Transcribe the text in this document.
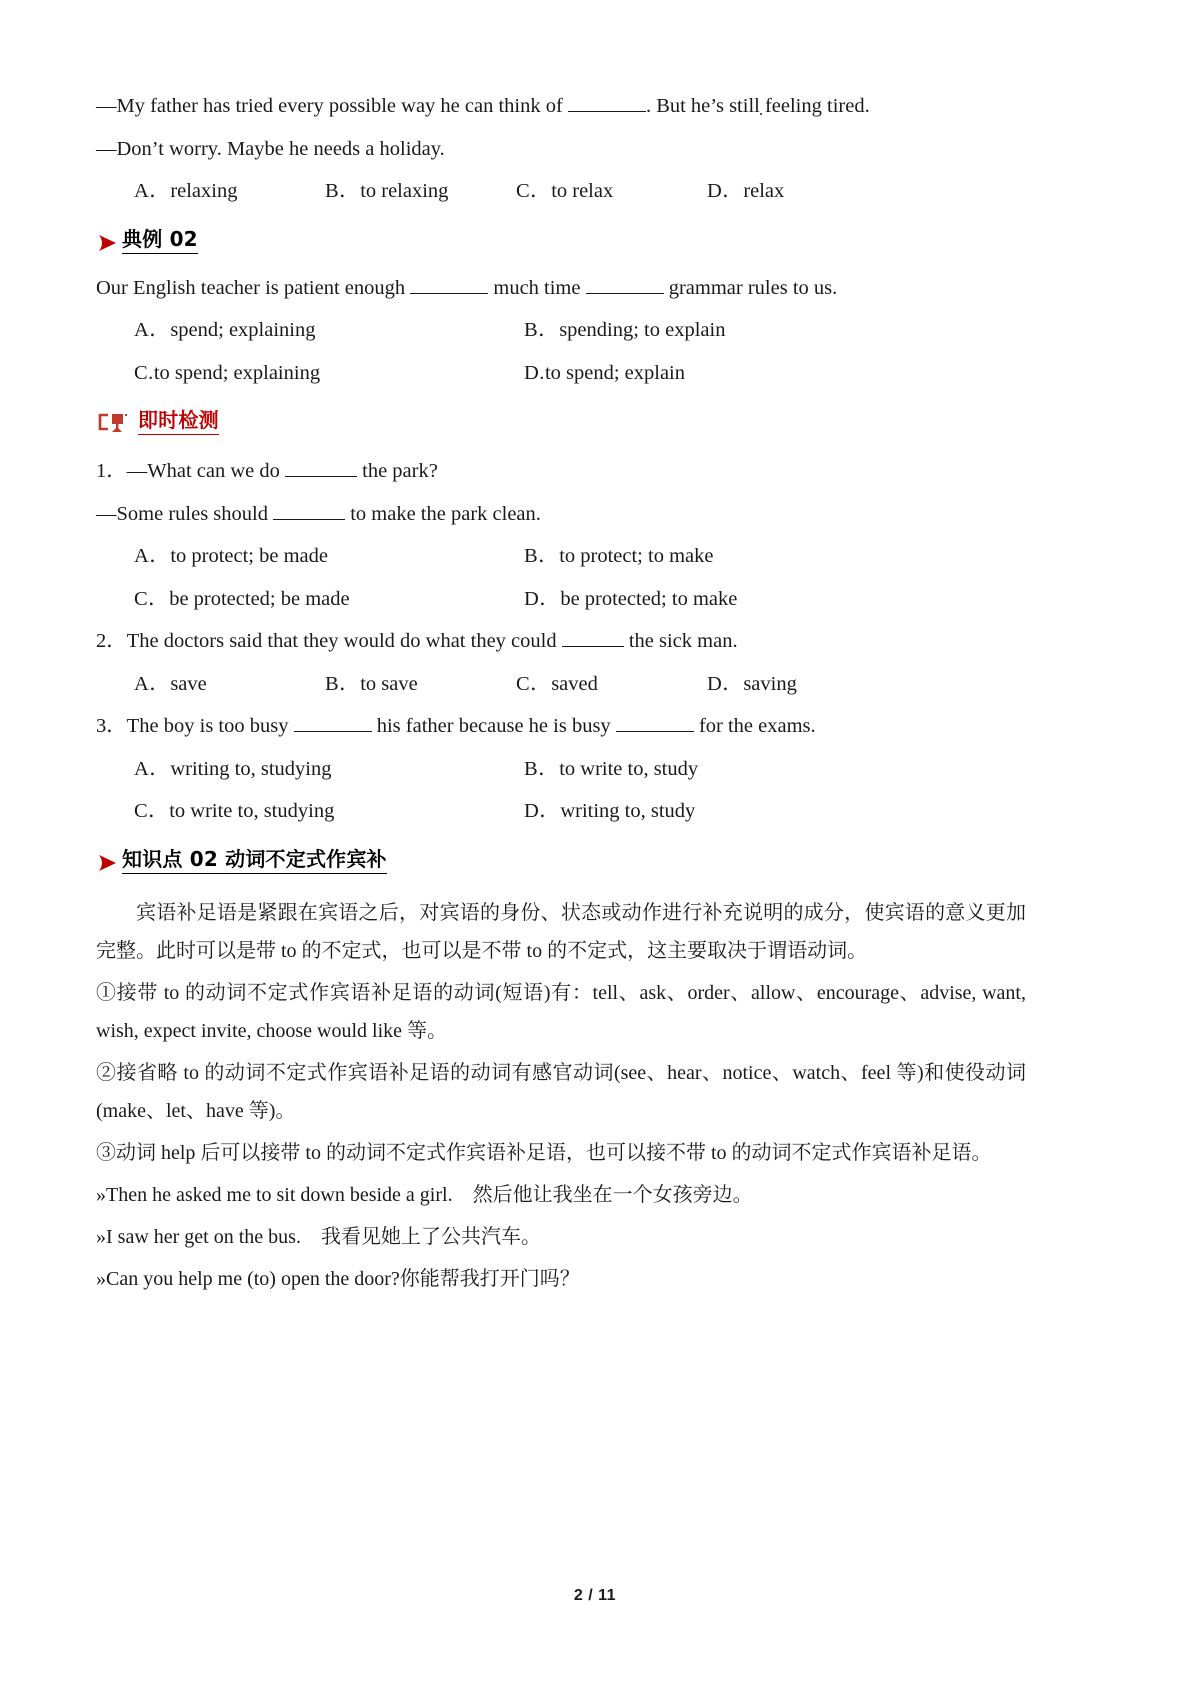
—My father has tried every possible way he can think of	. But he’s still feeling tired.

—Don’t worry. Maybe he needs a holiday.

A．relaxing	B．to relaxing	C．to relax	D．relax
典例 02

Our English teacher is patient enough	much time	grammar rules to us.

A．spend; explaining	B．spending; to explain
C.to spend; explaining	D.to spend; explain
即时检测

1．—What can we do	the park?

—Some rules should	to make the park clean.

A．to protect; be made	B．to protect; to make
C．be protected; be made	D．be protected; to make

2．The doctors said that they would do what they could	the sick man.

A．save	B．to save	C．saved	D．saving

3．The boy is too busy	his father because he is busy	for the exams.

A．writing to, studying	B．to write to, study
C．to write to, studying	D．writing to, study
知识点 02 动词不定式作宾补

宾语补足语是紧跟在宾语之后，对宾语的身份、状态或动作进行补充说明的成分，使宾语的意义更加完整。此时可以是带 to 的不定式，也可以是不带 to 的不定式，这主要取决于谓语动词。

①接带 to 的动词不定式作宾语补足语的动词(短语)有：tell、ask、order、allow、encourage、advise, want, wish, expect invite, choose would like 等。

②接省略 to 的动词不定式作宾语补足语的动词有感官动词(see、hear、notice、watch、feel 等)和使役动词(make、let、have 等)。

③动词 help 后可以接带 to 的动词不定式作宾语补足语，也可以接不带 to 的动词不定式作宾语补足语。

»Then he asked me to sit down beside a girl.　然后他让我坐在一个女孩旁边。

»I saw her get on the bus.　我看见她上了公共汽车。

»Can you help me (to) open the door?你能帮我打开门吗？

2 / 11
